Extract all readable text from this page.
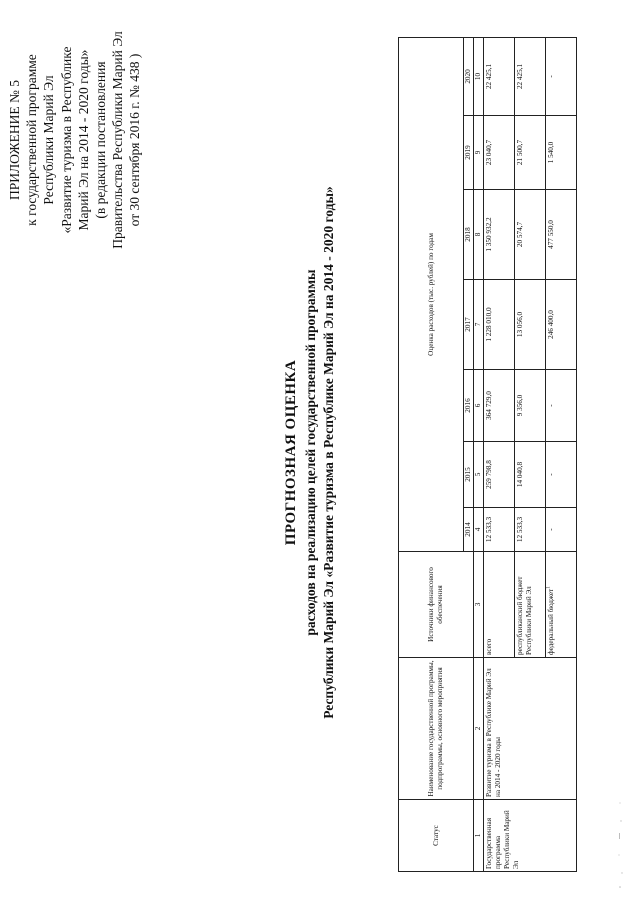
ПРИЛОЖЕНИЕ № 5 к государственной программе Республики Марий Эл «Развитие туризма в Республике Марий Эл на 2014 - 2020 годы» (в редакции постановления Правительства Республики Марий Эл от 30 сентября 2016 г. № 438 )
ПРОГНОЗНАЯ ОЦЕНКА расходов на реализацию целей государственной программы Республики Марий Эл «Развитие туризма в Республике Марий Эл на 2014 - 2020 годы»
Статус	Наименование государственной программы, подпрограммы, основного мероприятия	Источники финансового обеспечения	Оценка расходов (тыс. рублей) по годам						
			2014	2015	2016	2017	2018	2019	2020
1	2	3	4	5	6	7	8	9	10
Государственная программа Республики Марий Эл	Развитие туризма в Республике Марий Эл на 2014 - 2020 годы	всего	12 533,3	259 798,8	364 729,0	1 228 010,0	1 350 932,2	23 040,7	22 425,1
		республиканский бюджет Республики Марий Эл	12 533,3	14 040,8	9 356,0	13 056,0	20 574,7	21 500,7	22 425,1
		федеральный бюджет$^1$	-	-	-	246 400,0	477 550,0	1 540,0	-
